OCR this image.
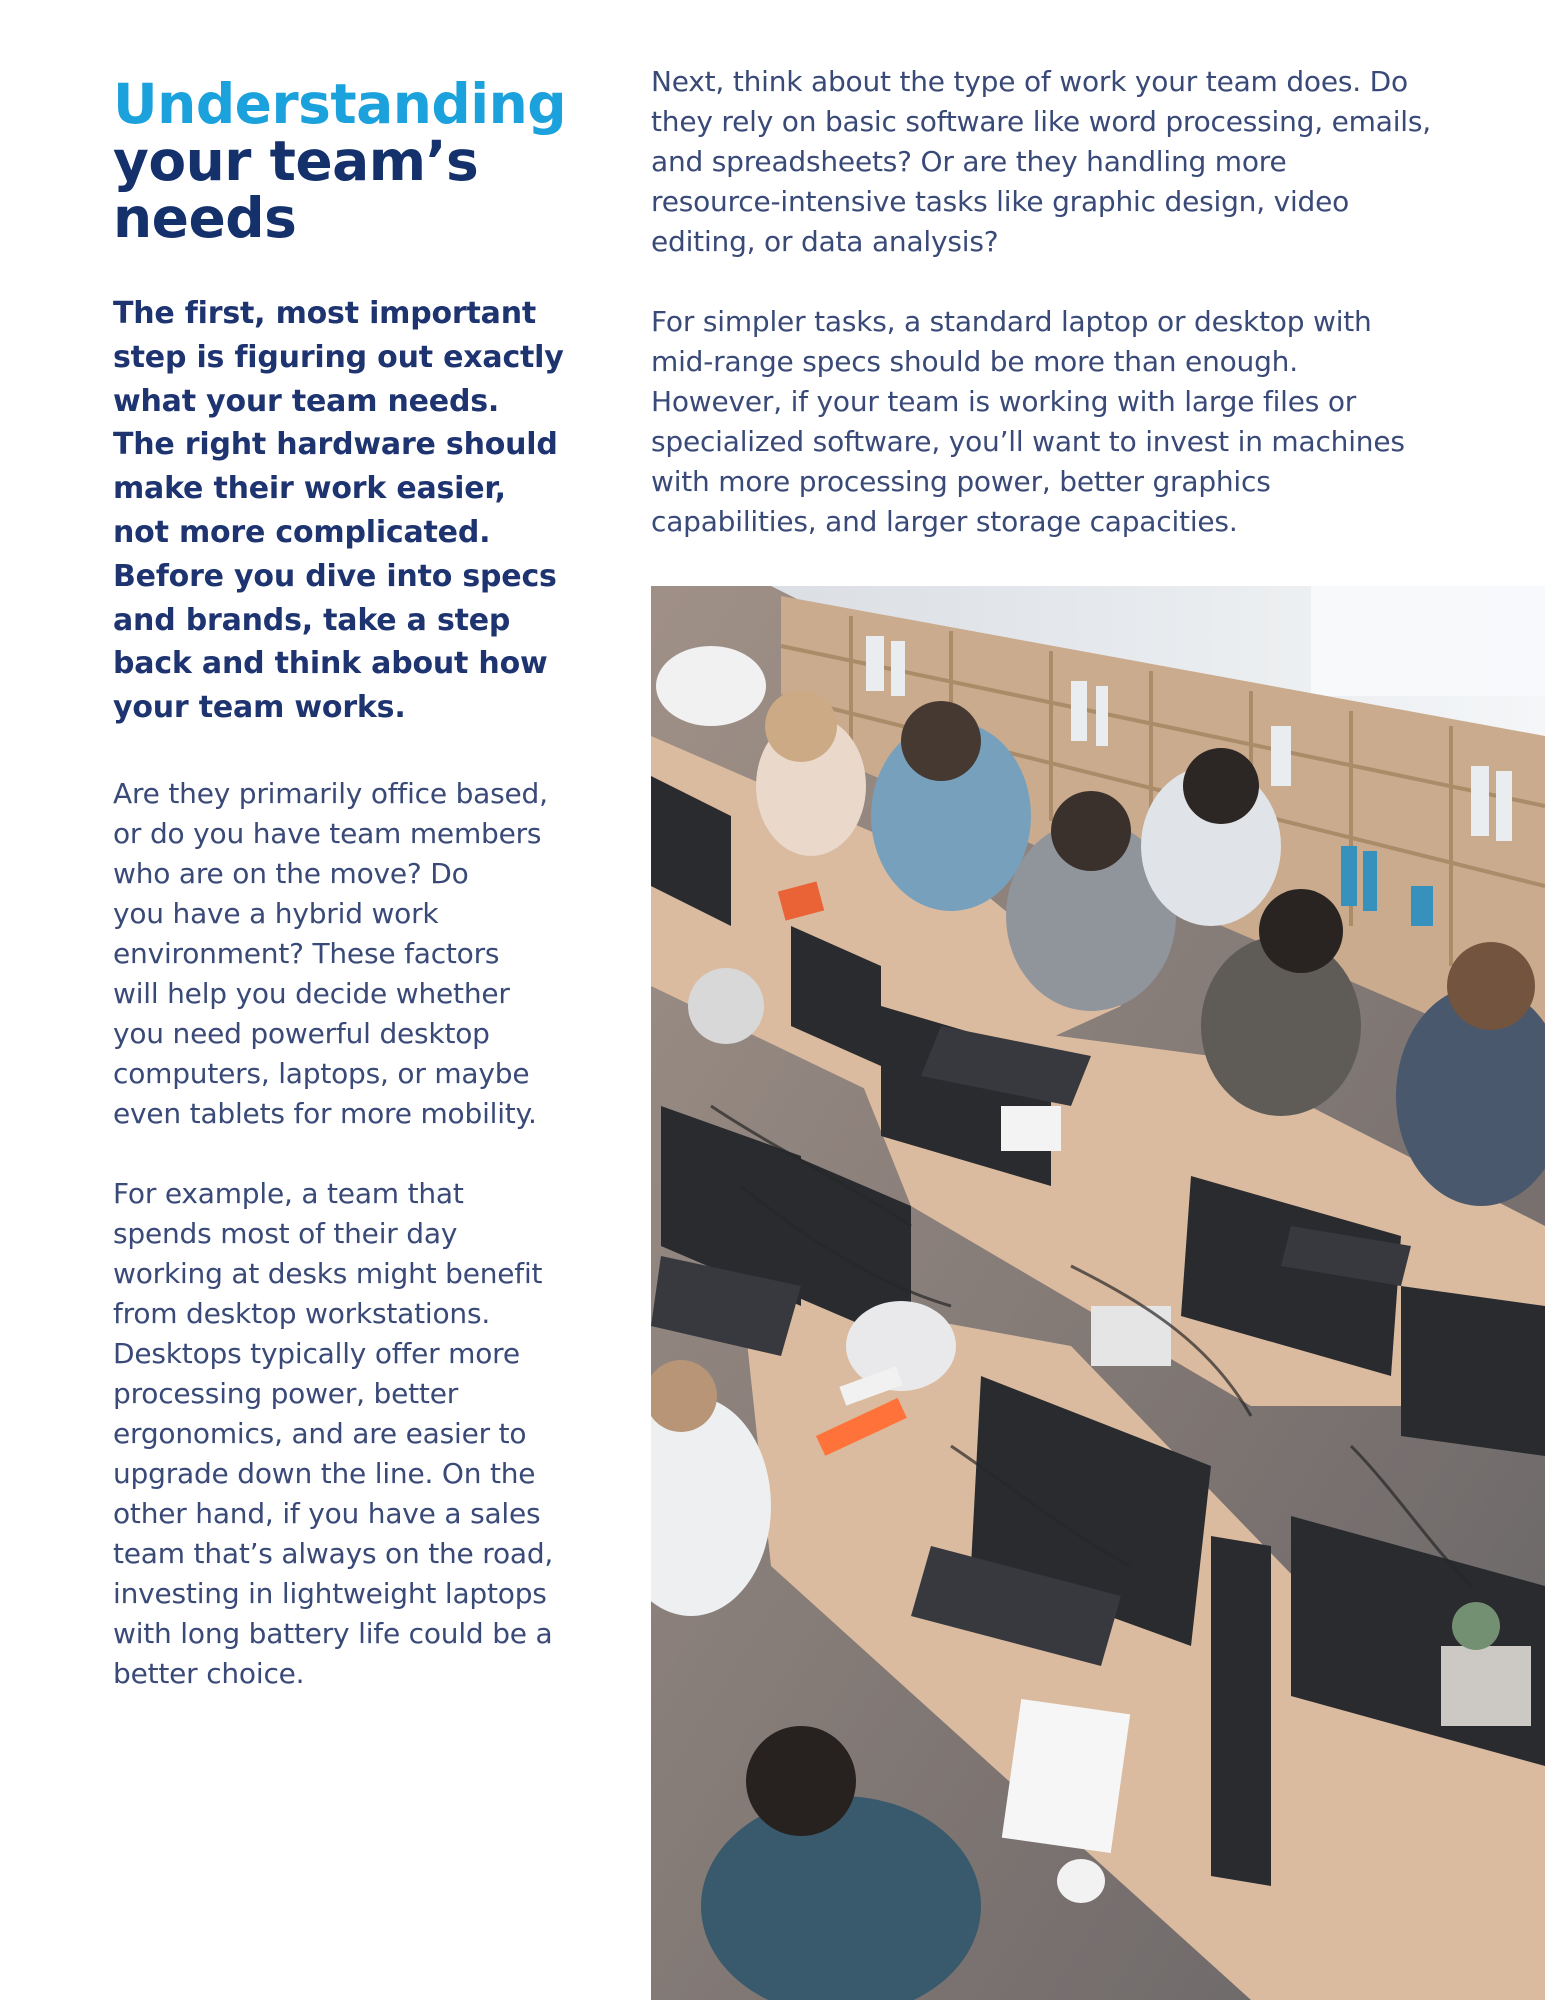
Understanding
your team’s
needs

The first, most important
step is figuring out exactly
what your team needs.
The right hardware should
make their work easier,
not more complicated.
Before you dive into specs
and brands, take a step
back and think about how
your team works.

Are they primarily office based,
or do you have team members
who are on the move? Do
you have a hybrid work
environment? These factors
will help you decide whether
you need powerful desktop
computers, laptops, or maybe
even tablets for more mobility.

For example, a team that
spends most of their day
working at desks might benefit
from desktop workstations.
Desktops typically offer more
processing power, better
ergonomics, and are easier to
upgrade down the line. On the
other hand, if you have a sales
team that’s always on the road,
investing in lightweight laptops
with long battery life could be a
better choice.

Next, think about the type of work your team does. Do
they rely on basic software like word processing, emails,
and spreadsheets? Or are they handling more
resource-intensive tasks like graphic design, video
editing, or data analysis?

For simpler tasks, a standard laptop or desktop with
mid-range specs should be more than enough.
However, if your team is working with large files or
specialized software, you’ll want to invest in machines
with more processing power, better graphics
capabilities, and larger storage capacities.
